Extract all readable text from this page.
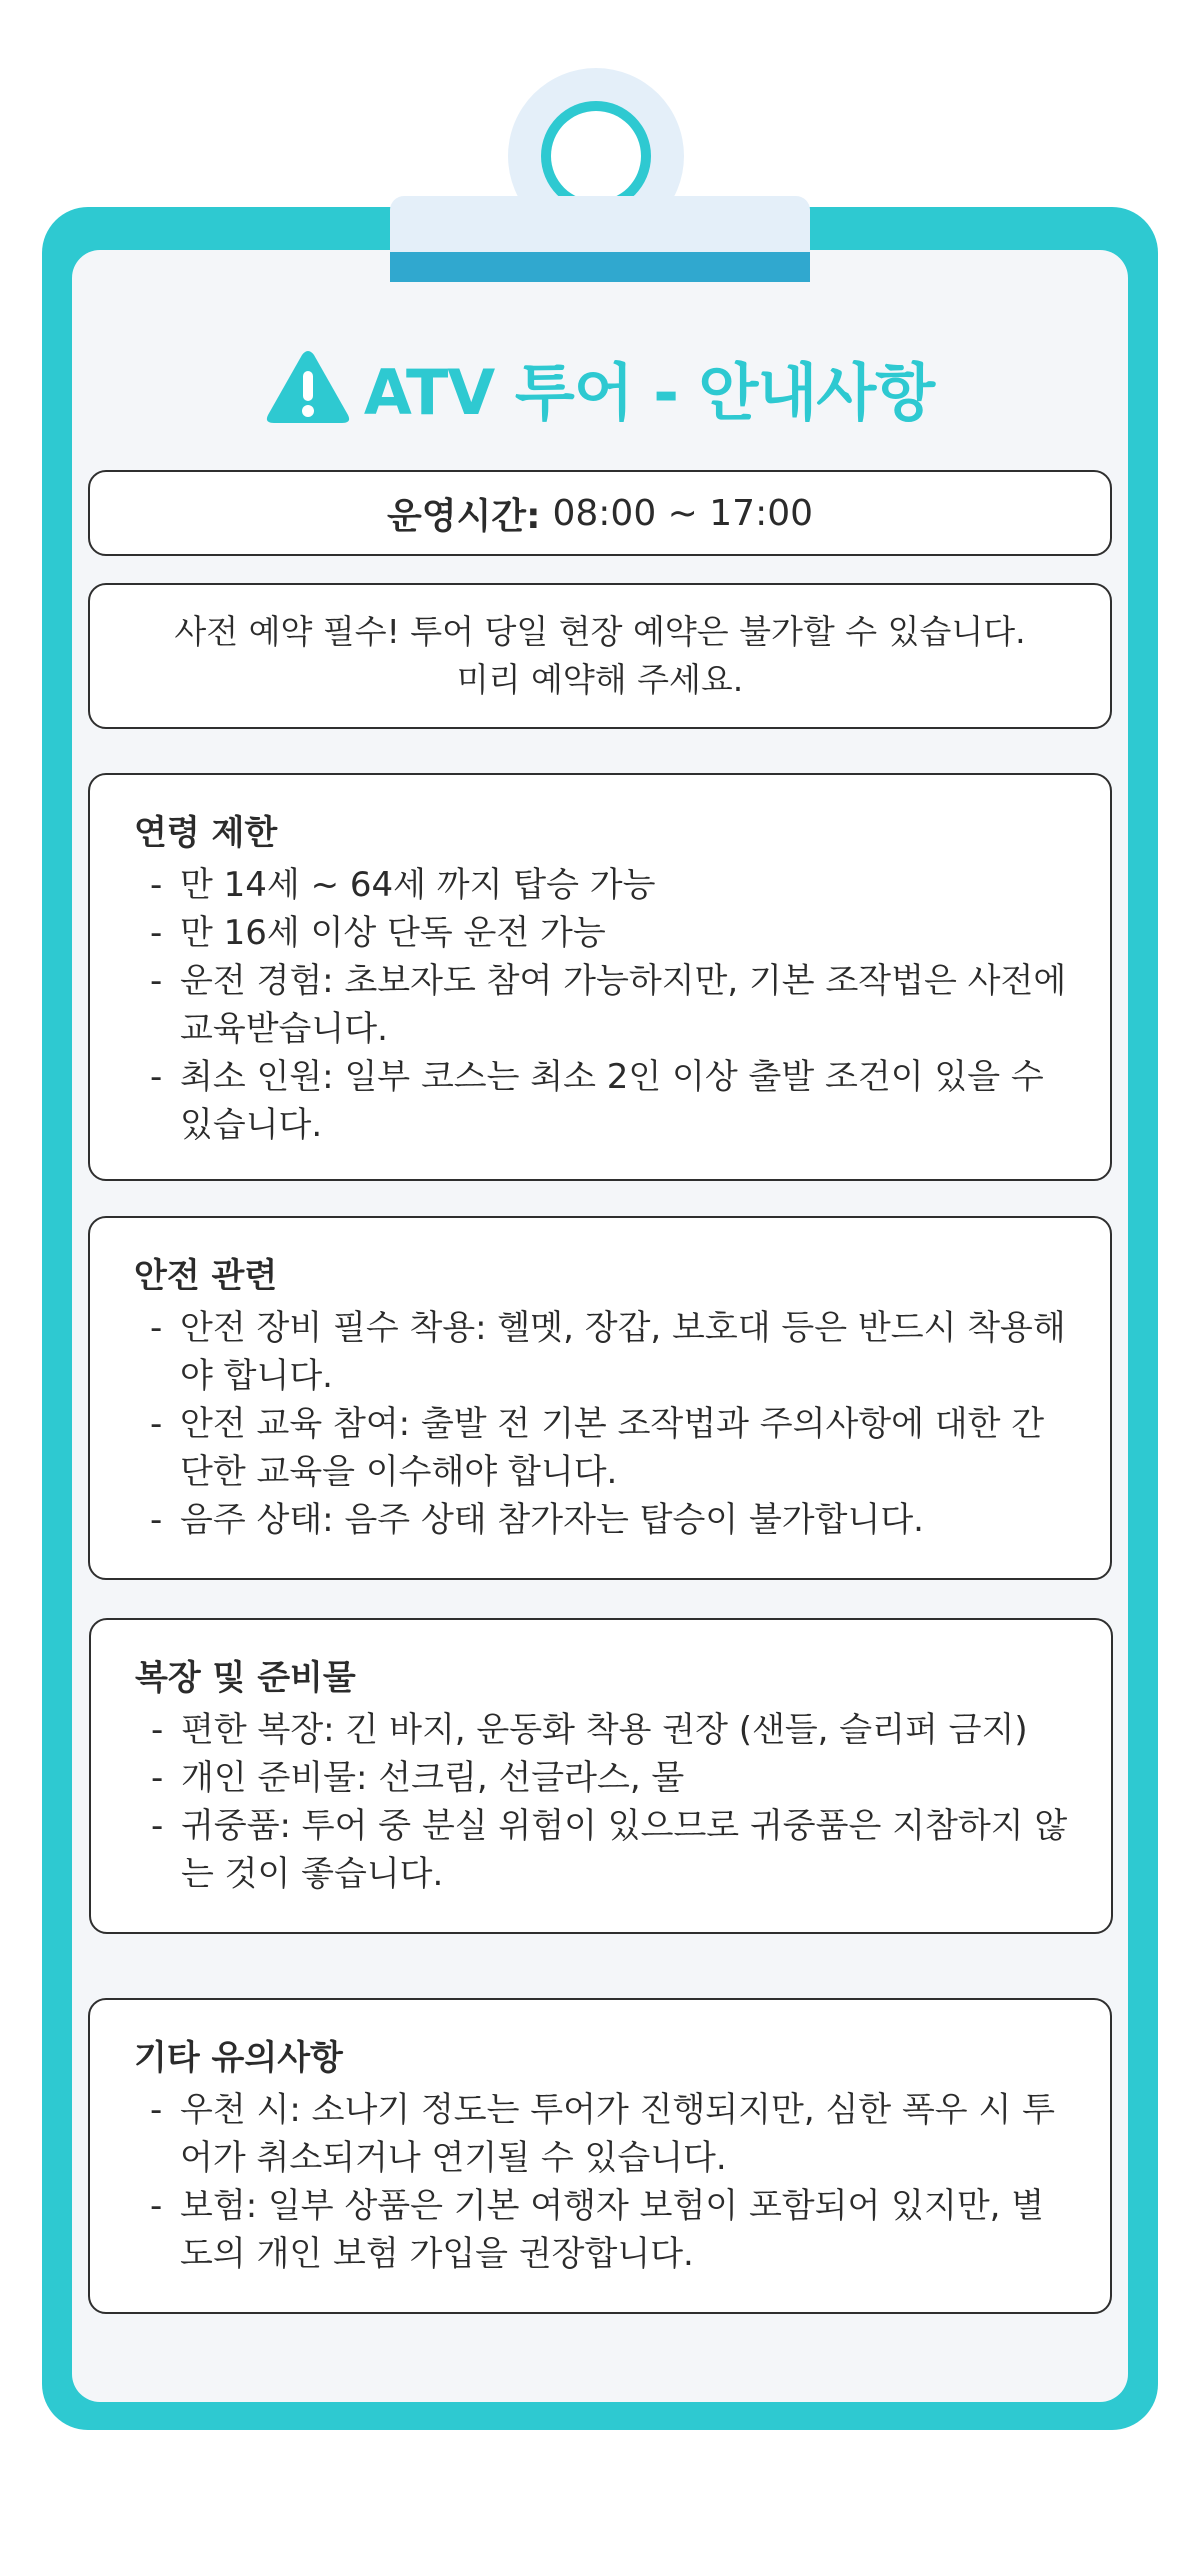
ATV 투어 - 안내사항
운영시간: 08:00 ~ 17:00
사전 예약 필수! 투어 당일 현장 예약은 불가할 수 있습니다.
미리 예약해 주세요.
연령 제한
- 만 14세 ~ 64세 까지 탑승 가능
- 만 16세 이상 단독 운전 가능
- 운전 경험: 초보자도 참여 가능하지만, 기본 조작법은 사전에 교육받습니다.
- 최소 인원: 일부 코스는 최소 2인 이상 출발 조건이 있을 수 있습니다.
안전 관련
- 안전 장비 필수 착용: 헬멧, 장갑, 보호대 등은 반드시 착용해야 합니다.
- 안전 교육 참여: 출발 전 기본 조작법과 주의사항에 대한 간단한 교육을 이수해야 합니다.
- 음주 상태: 음주 상태 참가자는 탑승이 불가합니다.
복장 및 준비물
- 편한 복장: 긴 바지, 운동화 착용 권장 (샌들, 슬리퍼 금지)
- 개인 준비물: 선크림, 선글라스, 물
- 귀중품: 투어 중 분실 위험이 있으므로 귀중품은 지참하지 않는 것이 좋습니다.
기타 유의사항
- 우천 시: 소나기 정도는 투어가 진행되지만, 심한 폭우 시 투어가 취소되거나 연기될 수 있습니다.
- 보험: 일부 상품은 기본 여행자 보험이 포함되어 있지만, 별도의 개인 보험 가입을 권장합니다.
